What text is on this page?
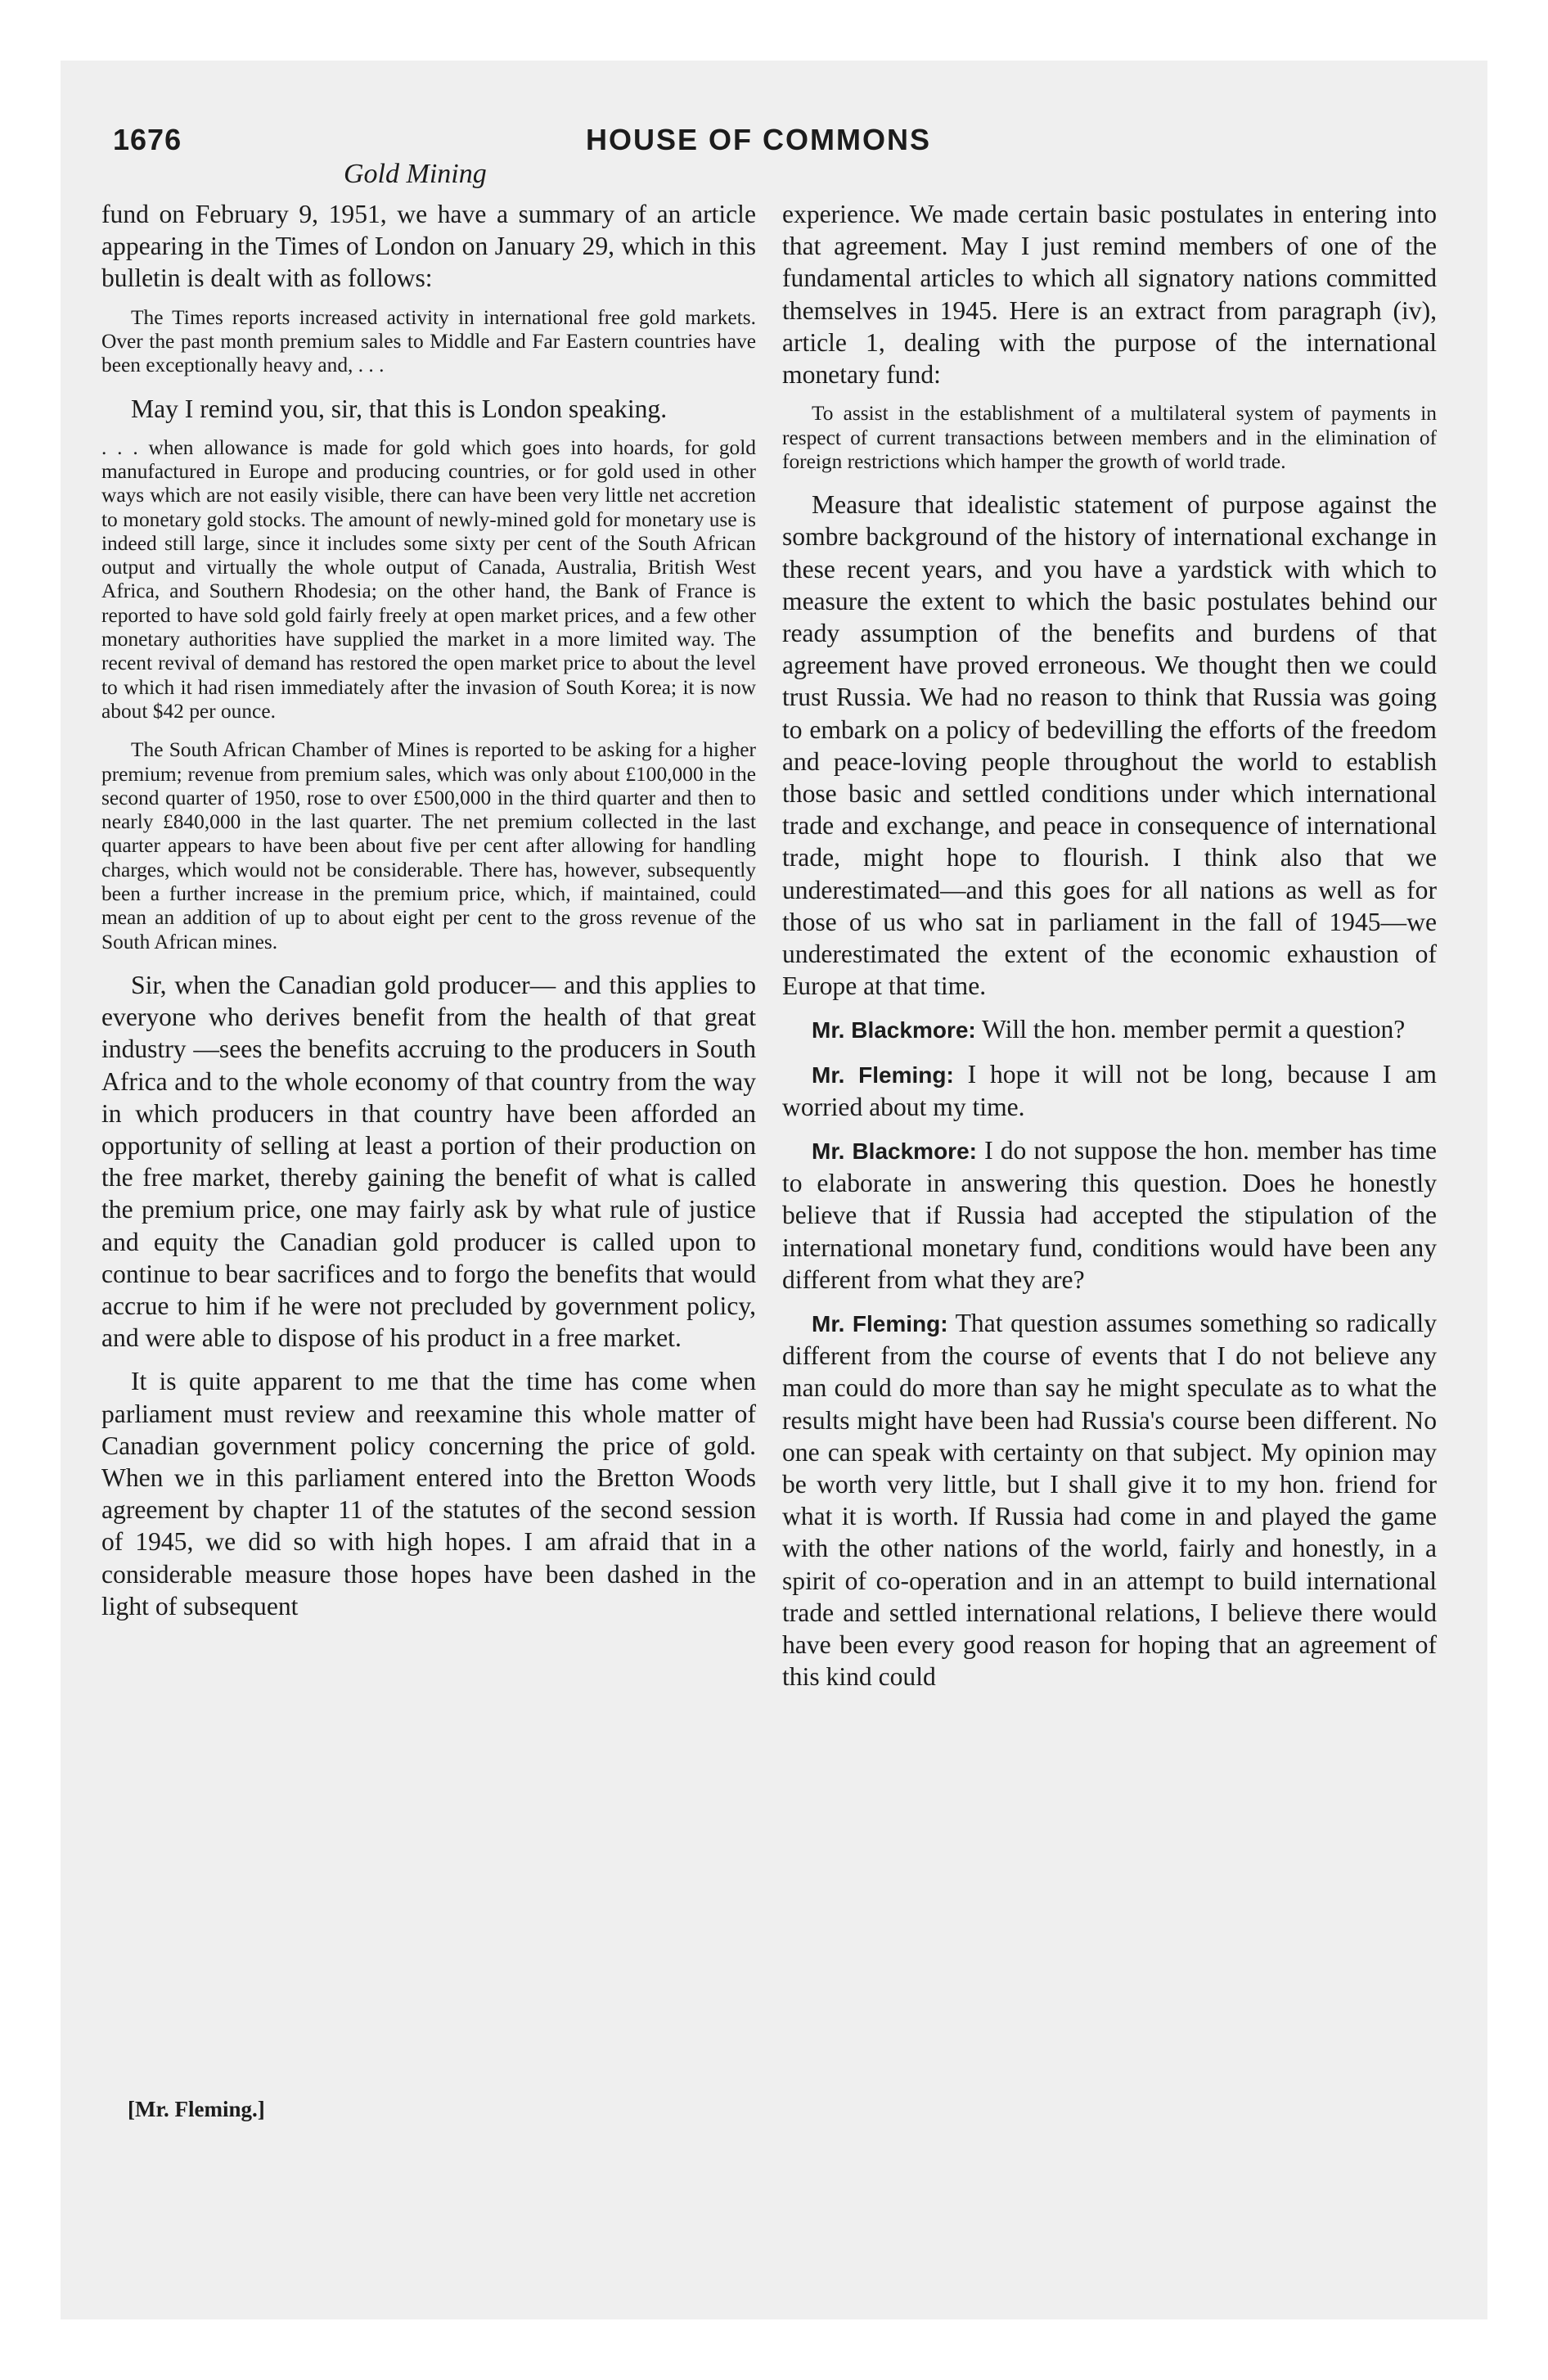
1676	HOUSE OF COMMONS
Gold Mining

fund on February 9, 1951, we have a summary of an article appearing in the Times of London on January 29, which in this bulletin is dealt with as follows:

The Times reports increased activity in international free gold markets. Over the past month premium sales to Middle and Far Eastern countries have been exceptionally heavy and, . . .

May I remind you, sir, that this is London speaking.

. . . when allowance is made for gold which goes into hoards, for gold manufactured in Europe and producing countries, or for gold used in other ways which are not easily visible, there can have been very little net accretion to monetary gold stocks. The amount of newly-mined gold for monetary use is indeed still large, since it includes some sixty per cent of the South African output and virtually the whole output of Canada, Australia, British West Africa, and Southern Rhodesia; on the other hand, the Bank of France is reported to have sold gold fairly freely at open market prices, and a few other monetary authorities have supplied the market in a more limited way. The recent revival of demand has restored the open market price to about the level to which it had risen immediately after the invasion of South Korea; it is now about $42 per ounce.

The South African Chamber of Mines is reported to be asking for a higher premium; revenue from premium sales, which was only about £100,000 in the second quarter of 1950, rose to over £500,000 in the third quarter and then to nearly £840,000 in the last quarter. The net premium collected in the last quarter appears to have been about five per cent after allowing for handling charges, which would not be considerable. There has, however, subsequently been a further increase in the premium price, which, if maintained, could mean an addition of up to about eight per cent to the gross revenue of the South African mines.

Sir, when the Canadian gold producer— and this applies to everyone who derives benefit from the health of that great industry —sees the benefits accruing to the producers in South Africa and to the whole economy of that country from the way in which producers in that country have been afforded an opportunity of selling at least a portion of their production on the free market, thereby gaining the benefit of what is called the premium price, one may fairly ask by what rule of justice and equity the Canadian gold producer is called upon to continue to bear sacrifices and to forgo the benefits that would accrue to him if he were not precluded by government policy, and were able to dispose of his product in a free market.

It is quite apparent to me that the time has come when parliament must review and reexamine this whole matter of Canadian government policy concerning the price of gold. When we in this parliament entered into the Bretton Woods agreement by chapter 11 of the statutes of the second session of 1945, we did so with high hopes. I am afraid that in a considerable measure those hopes have been dashed in the light of subsequent

experience. We made certain basic postulates in entering into that agreement. May I just remind members of one of the fundamental articles to which all signatory nations committed themselves in 1945. Here is an extract from paragraph (iv), article 1, dealing with the purpose of the international monetary fund:

To assist in the establishment of a multilateral system of payments in respect of current transactions between members and in the elimination of foreign restrictions which hamper the growth of world trade.

Measure that idealistic statement of purpose against the sombre background of the history of international exchange in these recent years, and you have a yardstick with which to measure the extent to which the basic postulates behind our ready assumption of the benefits and burdens of that agreement have proved erroneous. We thought then we could trust Russia. We had no reason to think that Russia was going to embark on a policy of bedevilling the efforts of the freedom and peace-loving people throughout the world to establish those basic and settled conditions under which international trade and exchange, and peace in consequence of international trade, might hope to flourish. I think also that we underestimated—and this goes for all nations as well as for those of us who sat in parliament in the fall of 1945—we underestimated the extent of the economic exhaustion of Europe at that time.

Mr. Blackmore: Will the hon. member permit a question?

Mr. Fleming: I hope it will not be long, because I am worried about my time.

Mr. Blackmore: I do not suppose the hon. member has time to elaborate in answering this question. Does he honestly believe that if Russia had accepted the stipulation of the international monetary fund, conditions would have been any different from what they are?

Mr. Fleming: That question assumes something so radically different from the course of events that I do not believe any man could do more than say he might speculate as to what the results might have been had Russia's course been different. No one can speak with certainty on that subject. My opinion may be worth very little, but I shall give it to my hon. friend for what it is worth. If Russia had come in and played the game with the other nations of the world, fairly and honestly, in a spirit of co-operation and in an attempt to build international trade and settled international relations, I believe there would have been every good reason for hoping that an agreement of this kind could

[Mr. Fleming.]
